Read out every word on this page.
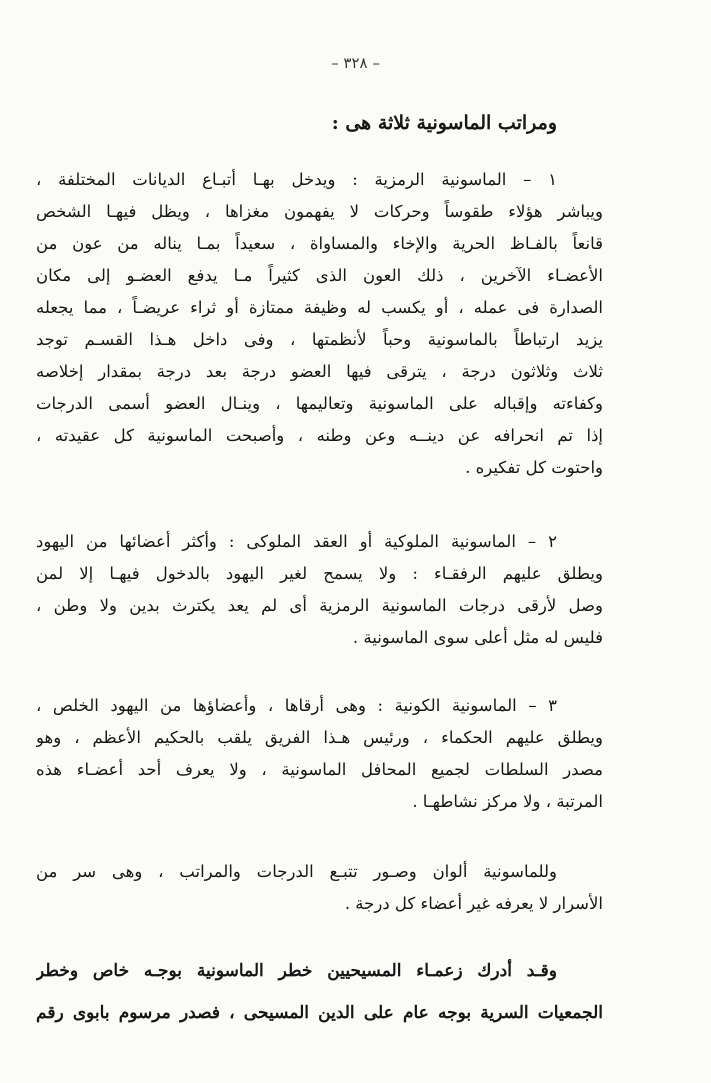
– ٣٢٨ –
ومراتب الماسونية ثلاثة هى :
١ – الماسونية الرمزية : ويدخل بهـا أتبـاع الديانات المختلفة ،
ويباشر هؤلاء طقوساً وحركات لا يفهمون مغزاها ، ويظل فيهـا الشخص
قانعاً بالفـاظ الحرية والإخاء والمساواة ، سعيداً بمـا يناله من عون من
الأعضـاء الآخرين ، ذلك العون الذى كثيراً مـا يدفع العضـو إلى مكان
الصدارة فى عمله ، أو يكسب له وظيفة ممتازة أو ثراء عريضـاً ، مما يجعله
يزيد ارتباطاً بالماسونية وحباً لأنظمتها ، وفى داخل هـذا القسـم توجد
ثلاث وثلاثون درجة ، يترقى فيها العضو درجة بعد درجة بمقدار إخلاصه
وكفاءته وإقباله على الماسونية وتعاليمها ، وينـال العضو أسمى الدرجات
إذا تم انحرافه عن دينــه وعن وطنه ، وأصبحت الماسونية كل عقيدته ،
واحتوت كل تفكيره .
٢ – الماسونية الملوكية أو العقد الملوكى : وأكثر أعضائها من اليهود
ويطلق عليهم الرفقـاء : ولا يسمح لغير اليهود بالدخول فيهـا إلا لمن
وصل لأرقى درجات الماسونية الرمزية أى لم يعد يكترث بدين ولا وطن ،
فليس له مثل أعلى سوى الماسونية .
٣ – الماسونية الكونية : وهى أرقاها ، وأعضاؤها من اليهود الخلص ،
ويطلق عليهم الحكماء ، ورئيس هـذا الفريق يلقب بالحكيم الأعظم ، وهو
مصدر السلطات لجميع المحافل الماسونية ، ولا يعرف أحد أعضـاء هذه
المرتبة ، ولا مركز نشاطهـا .
وللماسونية ألوان وصـور تتبـع الدرجات والمراتب ، وهى سر من
الأسرار لا يعرفه غير أعضاء كل درجة .
وقـد أدرك زعمـاء المسيحيين خطر الماسونية بوجـه خاص وخطر
الجمعيات السرية بوجه عام على الدين المسيحى ، فصدر مرسوم بابوى رقم
